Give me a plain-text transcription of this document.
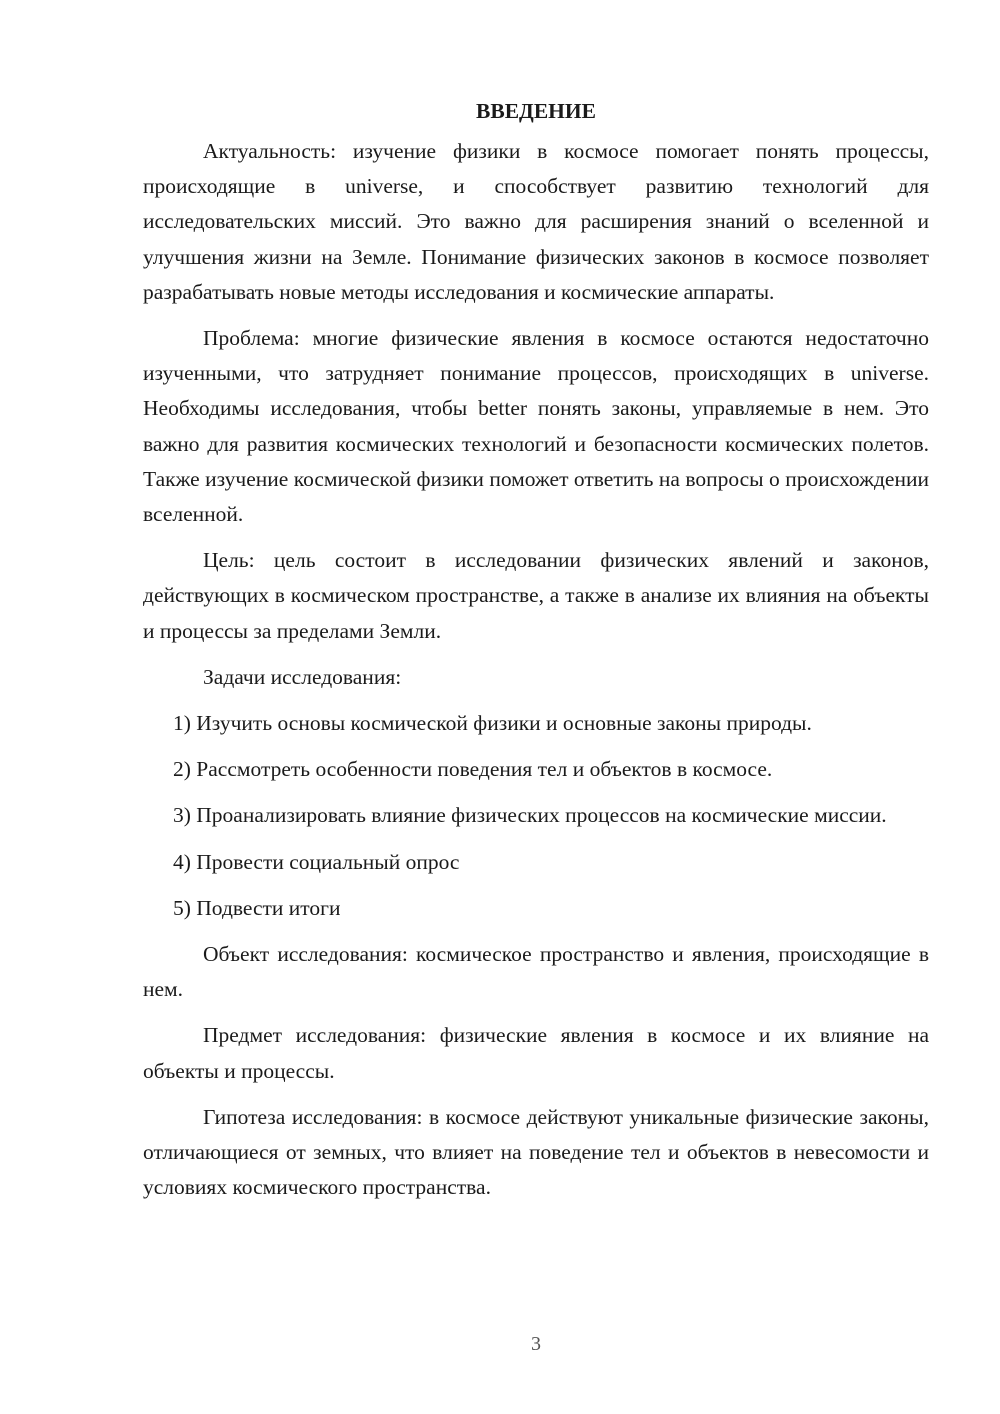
ВВЕДЕНИЕ

Актуальность: изучение физики в космосе помогает понять процессы, происходящие в universe, и способствует развитию технологий для исследовательских миссий. Это важно для расширения знаний о вселенной и улучшения жизни на Земле. Понимание физических законов в космосе позволяет разрабатывать новые методы исследования и космические аппараты.

Проблема: многие физические явления в космосе остаются недостаточно изученными, что затрудняет понимание процессов, происходящих в universe. Необходимы исследования, чтобы better понять законы, управляемые в нем. Это важно для развития космических технологий и безопасности космических полетов. Также изучение космической физики поможет ответить на вопросы о происхождении вселенной.

Цель: цель состоит в исследовании физических явлений и законов, действующих в космическом пространстве, а также в анализе их влияния на объекты и процессы за пределами Земли.

Задачи исследования:

1) Изучить основы космической физики и основные законы природы.

2) Рассмотреть особенности поведения тел и объектов в космосе.

3) Проанализировать влияние физических процессов на космические миссии.

4) Провести социальный опрос

5) Подвести итоги

Объект исследования: космическое пространство и явления, происходящие в нем.

Предмет исследования: физические явления в космосе и их влияние на объекты и процессы.

Гипотеза исследования: в космосе действуют уникальные физические законы, отличающиеся от земных, что влияет на поведение тел и объектов в невесомости и условиях космического пространства.

3
